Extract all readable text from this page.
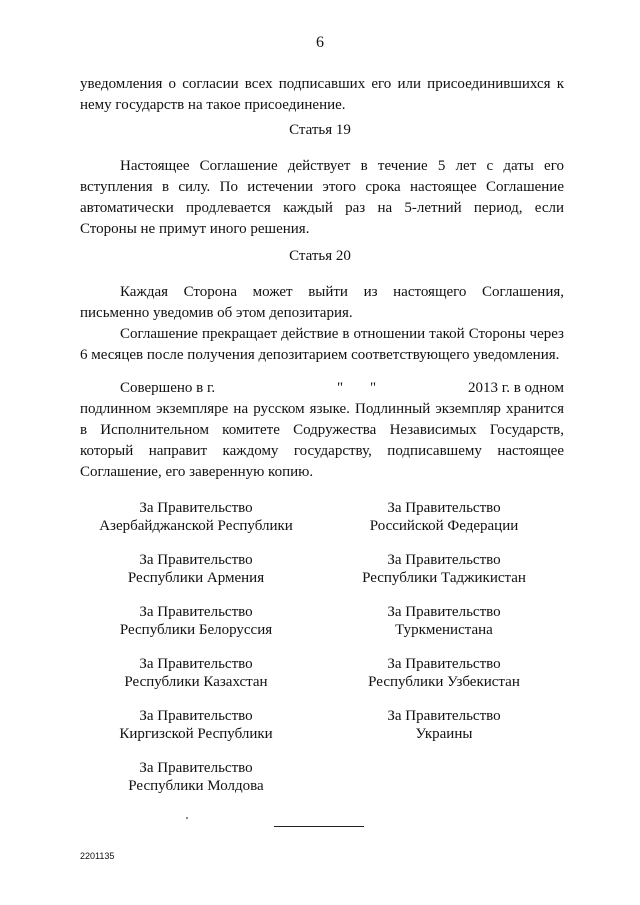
6

уведомления о согласии всех подписавших его или присоединившихся к нему государств на такое присоединение.

Статья 19

Настоящее Соглашение действует в течение 5 лет с даты его вступления в силу. По истечении этого срока настоящее Соглашение автоматически продлевается каждый раз на 5-летний период, если Стороны не примут иного решения.

Статья 20

Каждая Сторона может выйти из настоящего Соглашения, письменно уведомив об этом депозитария.

Соглашение прекращает действие в отношении такой Стороны через 6 месяцев после получения депозитарием соответствующего уведомления.

Совершено в г.	" "	2013 г. в одном

подлинном экземпляре на русском языке. Подлинный экземпляр хранится в Исполнительном комитете Содружества Независимых Государств, который направит каждому государству, подписавшему настоящее Соглашение, его заверенную копию.

За Правительство
Азербайджанской Республики
За Правительство
Республики Армения
За Правительство
Республики Белоруссия
За Правительство
Республики Казахстан
За Правительство
Киргизской Республики
За Правительство
Республики Молдова
За Правительство
Российской Федерации
За Правительство
Республики Таджикистан
За Правительство
Туркменистана
За Правительство
Республики Узбекистан
За Правительство
Украины
2201135
